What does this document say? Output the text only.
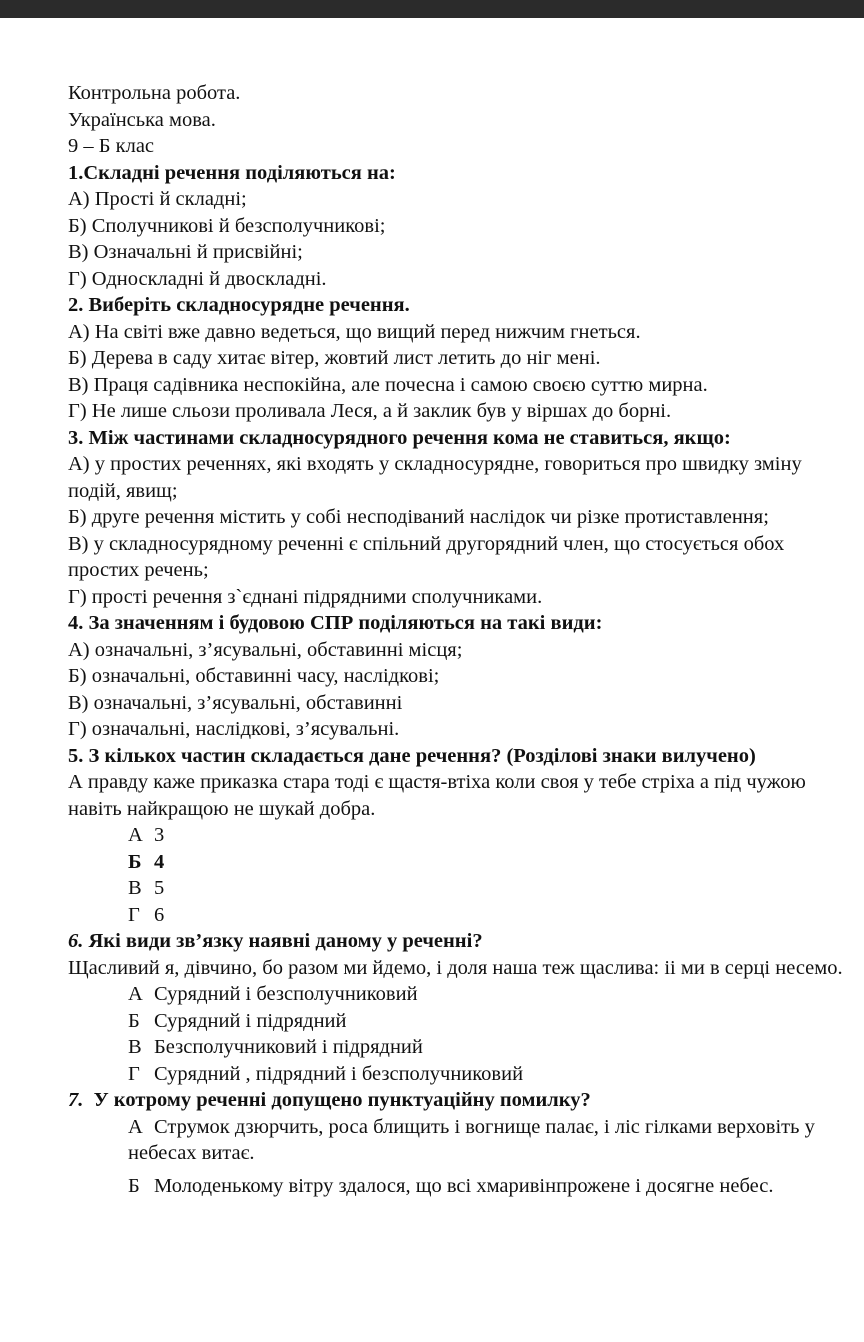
Контрольна робота.
Українська мова.
9 – Б клас
1.Складні речення поділяються на:
А) Прості й складні;
Б) Сполучникові й безсполучникові;
В) Означальні й присвійні;
Г) Односкладні й двоскладні.
2. Виберіть складносурядне речення.
А) На світі вже давно ведеться, що вищий перед нижчим гнеться.
Б) Дерева в саду хитає вітер, жовтий лист летить до ніг мені.
В) Праця садівника неспокійна, але почесна і самою своєю суттю мирна.
Г) Не лише сльози проливала Леся, а й заклик був у віршах до борні.
3. Між частинами складносурядного речення кома не ставиться, якщо:
А) у простих реченнях, які входять у складносурядне, говориться про швидку зміну подій, явищ;
Б) друге речення містить у собі несподіваний наслідок чи різке протиставлення;
В) у складносурядному реченні є спільний другорядний член, що стосується обох простих речень;
Г) прості речення з`єднані підрядними сполучниками.
4. За значенням і будовою СПР поділяються на такі види:
А) означальні, з’ясувальні, обставинні місця;
Б) означальні, обставинні часу, наслідкові;
В) означальні, з’ясувальні, обставинні
Г) означальні, наслідкові, з’ясувальні.
5. З кількох частин складається дане речення? (Розділові знаки вилучено)
А правду каже приказка стара тоді є щастя-втіха коли своя у тебе стріха а під чужою навіть найкращою не шукай добра.
А 3
Б 4
В 5
Г 6
6. Які види зв’язку наявні даному у реченні?
Щасливий я, дівчино, бо разом ми йдемо, і доля наша теж щаслива: іі ми в серці несемо.
А Сурядний і безсполучниковий
Б Сурядний і підрядний
В Безсполучниковий і підрядний
Г Сурядний , підрядний і безсполучниковий
7. У котрому реченні допущено пунктуаційну помилку?
А Струмок дзюрчить, роса блищить і вогнище палає, і ліс гілками верховіть у небесах витає.
Б Молоденькому вітру здалося, що всі хмаривінпрожене і досягне небес.
